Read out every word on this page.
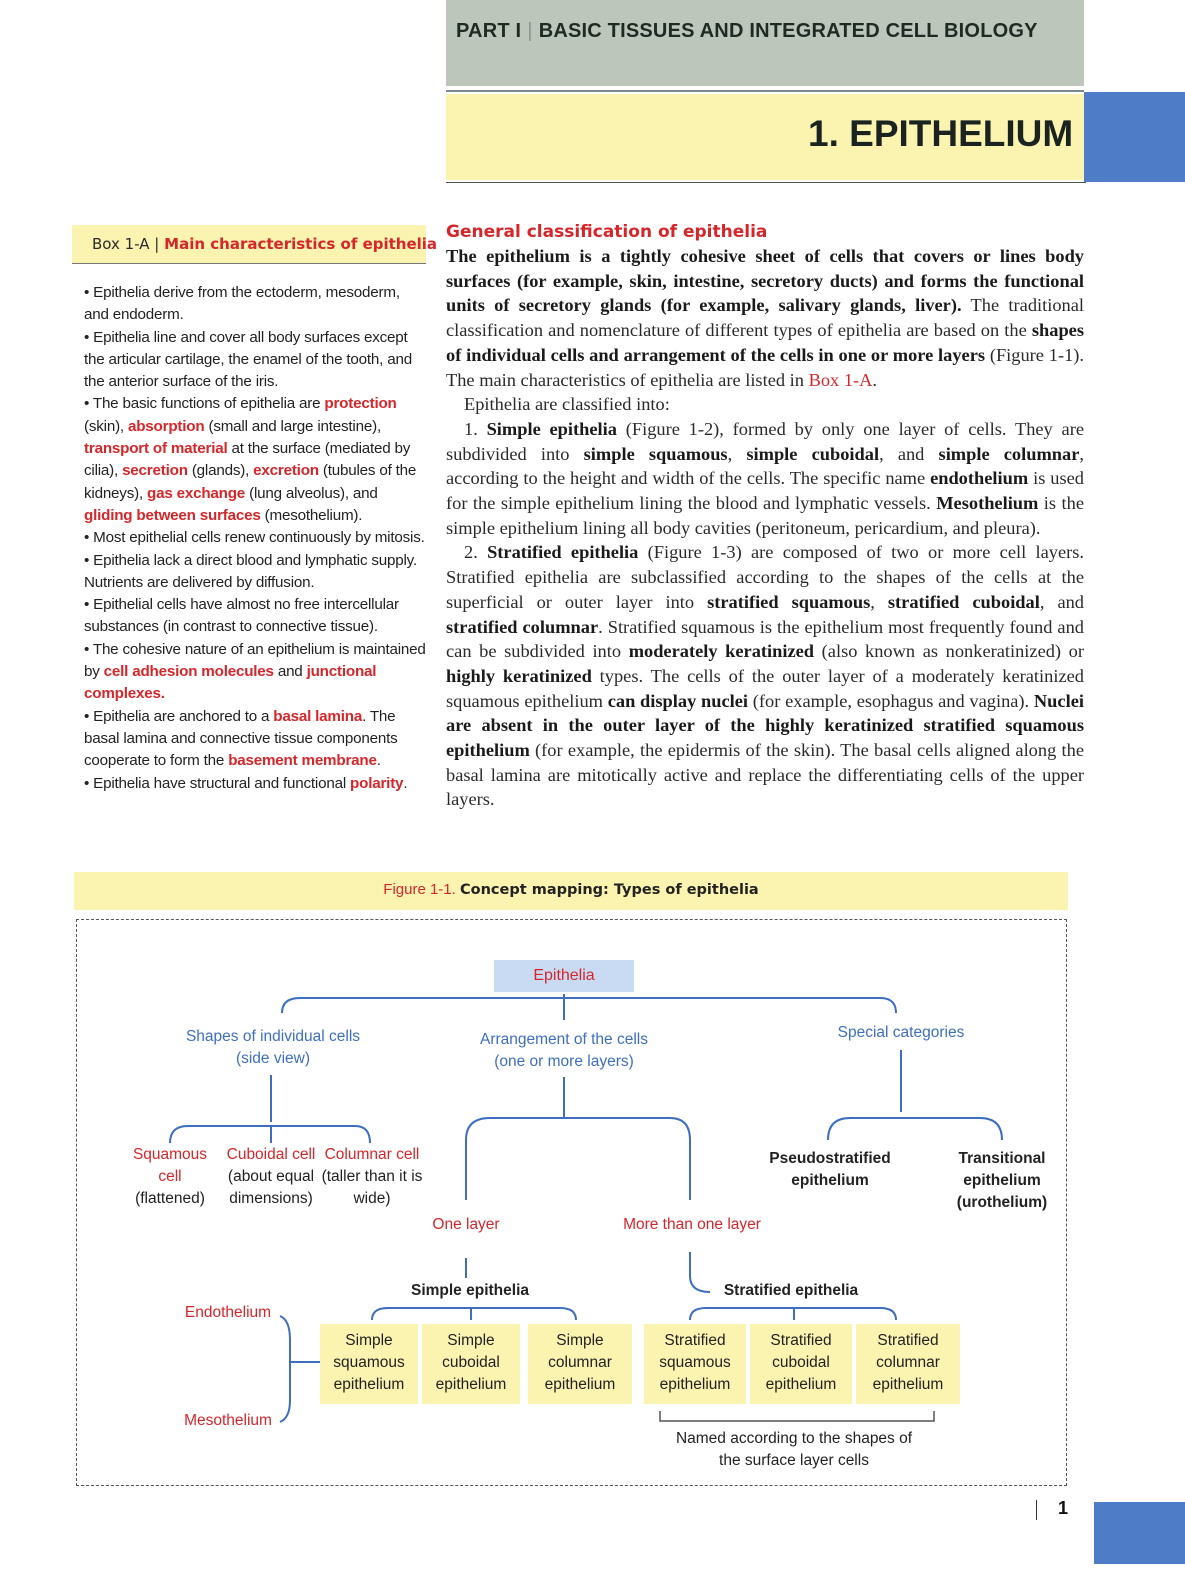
PART I | BASIC TISSUES AND INTEGRATED CELL BIOLOGY
1. EPITHELIUM
Box 1-A | Main characteristics of epithelia

• Epithelia derive from the ectoderm, mesoderm, and endoderm.

• Epithelia line and cover all body surfaces except the articular cartilage, the enamel of the tooth, and the anterior surface of the iris.

• The basic functions of epithelia are protection (skin), absorption (small and large intestine), transport of material at the surface (mediated by cilia), secretion (glands), excretion (tubules of the kidneys), gas exchange (lung alveolus), and gliding between surfaces (mesothelium).

• Most epithelial cells renew continuously by mitosis.

• Epithelia lack a direct blood and lymphatic supply. Nutrients are delivered by diffusion.

• Epithelial cells have almost no free intercellular substances (in contrast to connective tissue).

• The cohesive nature of an epithelium is maintained by cell adhesion molecules and junctional complexes.

• Epithelia are anchored to a basal lamina. The basal lamina and connective tissue components cooperate to form the basement membrane.

• Epithelia have structural and functional polarity.

General classification of epithelia

The epithelium is a tightly cohesive sheet of cells that covers or lines body surfaces (for example, skin, intestine, secretory ducts) and forms the functional units of secretory glands (for example, salivary glands, liver). The traditional classification and nomenclature of different types of epithelia are based on the shapes of individual cells and arrangement of the cells in one or more layers (Figure 1-1). The main characteristics of epithelia are listed in Box 1-A.

Epithelia are classified into:

1. Simple epithelia (Figure 1-2), formed by only one layer of cells. They are subdivided into simple squamous, simple cuboidal, and simple columnar, according to the height and width of the cells. The specific name endothelium is used for the simple epithelium lining the blood and lymphatic vessels. Mesothelium is the simple epithelium lining all body cavities (peritoneum, pericardium, and pleura).

2. Stratified epithelia (Figure 1-3) are composed of two or more cell layers. Stratified epithelia are subclassified according to the shapes of the cells at the superficial or outer layer into stratified squamous, stratified cuboidal, and stratified columnar. Stratified squamous is the epithelium most frequently found and can be subdivided into moderately keratinized (also known as nonkeratinized) or highly keratinized types. The cells of the outer layer of a moderately keratinized squamous epithelium can display nuclei (for example, esophagus and vagina). Nuclei are absent in the outer layer of the highly keratinized stratified squamous epithelium (for example, the epidermis of the skin). The basal cells aligned along the basal lamina are mitotically active and replace the differentiating cells of the upper layers.

Figure 1-1. Concept mapping: Types of epithelia
Epithelia
Shapes of individual cells (side view)
Arrangement of the cells (one or more layers)
Special categories
Squamous cell
(flattened)
Cuboidal cell
(about equal dimensions)
Columnar cell
(taller than it is wide)
Pseudostratified epithelium
Transitional epithelium (urothelium)
One layer	More than one layer
Simple epithelia	Stratified epithelia
Endothelium
Mesothelium
Simple squamous epithelium
Simple cuboidal epithelium
Simple columnar epithelium
Stratified squamous epithelium
Stratified cuboidal epithelium
Stratified columnar epithelium
Named according to the shapes of the surface layer cells
1
